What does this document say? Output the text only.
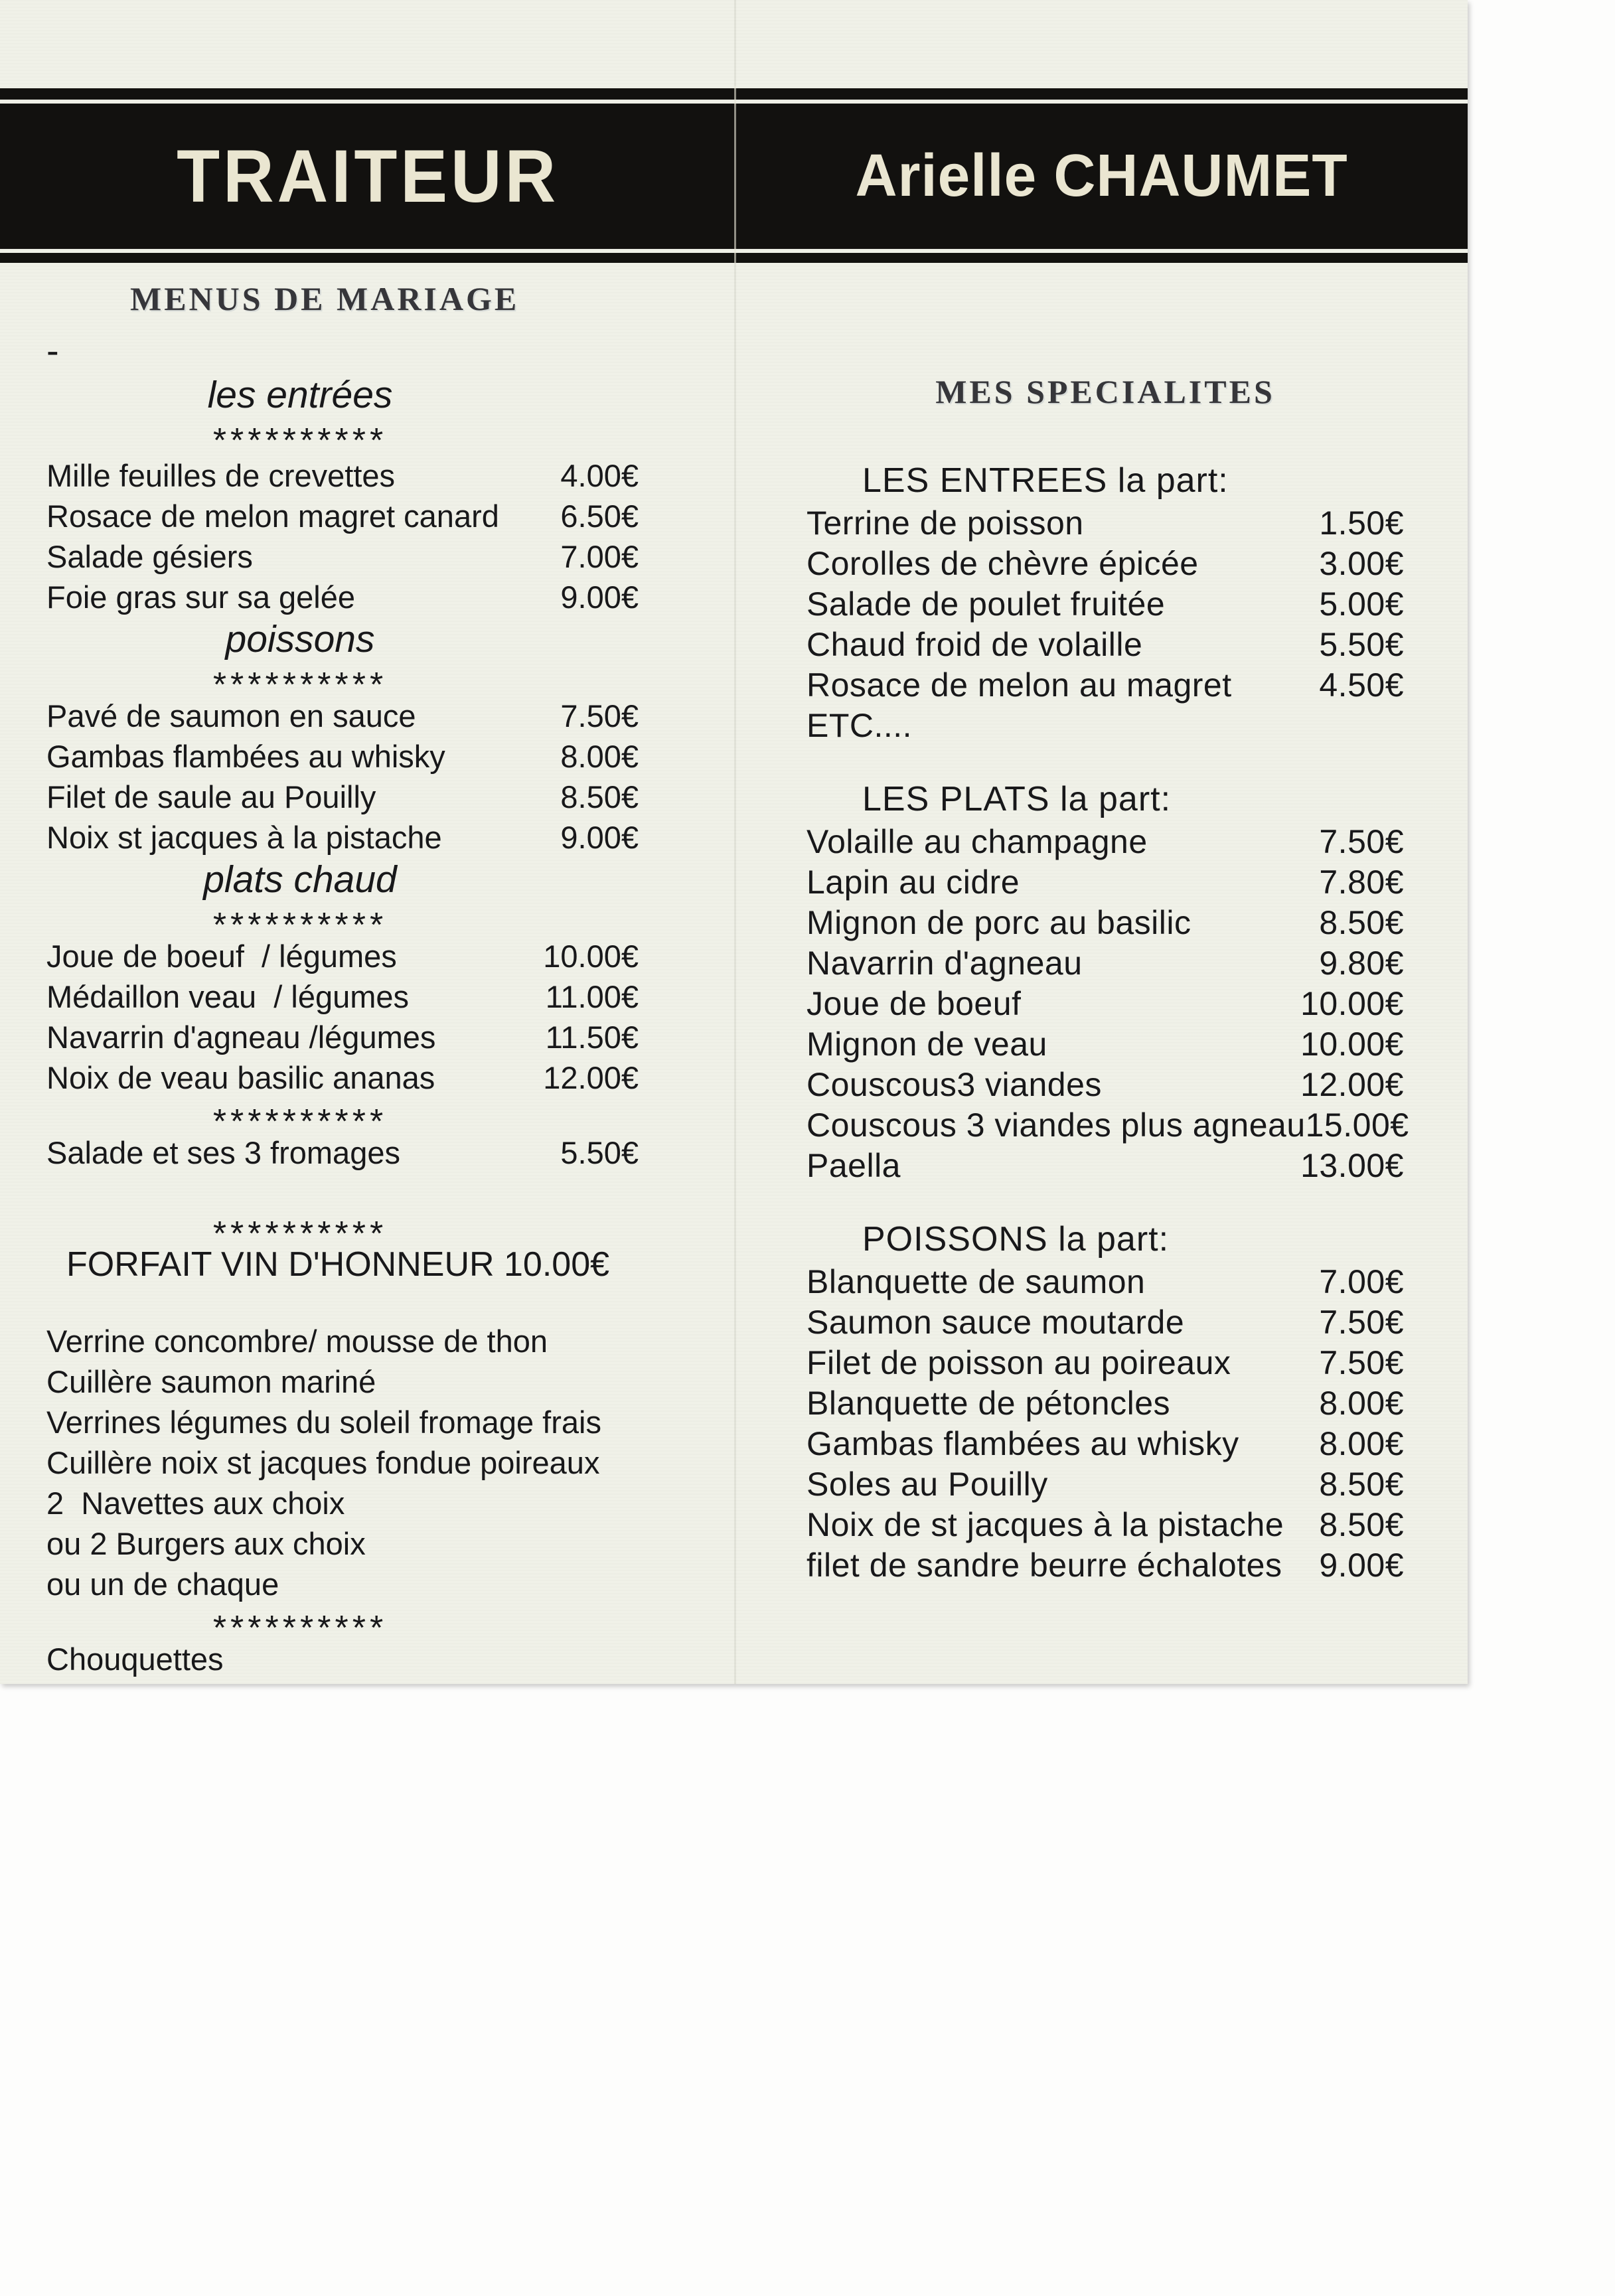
TRAITEUR	Arielle CHAUMET
MENUS DE MARIAGE
-
les entrées
**********
Mille feuilles de crevettes	4.00€
Rosace de melon magret canard 6.50€
Salade gésiers	7.00€
Foie gras sur sa gelée	9.00€
poissons
**********
Pavé de saumon en sauce	7.50€
Gambas flambées au whisky	8.00€
Filet de saule au Pouilly	8.50€
Noix st jacques à la pistache	9.00€
plats chaud
**********
Joue de boeuf  / légumes	10.00€
Médaillon veau  / légumes	11.00€
Navarrin d'agneau /légumes	11.50€
Noix de veau basilic ananas	12.00€
**********
Salade et ses 3 fromages	5.50€
**********
FORFAIT VIN D'HONNEUR 10.00€
Verrine concombre/ mousse de thon
Cuillère saumon mariné
Verrines légumes du soleil fromage frais
Cuillère noix st jacques fondue poireaux
2  Navettes aux choix
ou 2 Burgers aux choix
ou un de chaque
**********
Chouquettes
MES SPECIALITES
LES ENTREES la part:
Terrine de poisson	1.50€
Corolles de chèvre épicée	3.00€
Salade de poulet fruitée	5.00€
Chaud froid de volaille	5.50€
Rosace de melon au magret	4.50€
ETC....
LES PLATS la part:
Volaille au champagne	7.50€
Lapin au cidre	7.80€
Mignon de porc au basilic	8.50€
Navarrin d'agneau	9.80€
Joue de boeuf	10.00€
Mignon de veau	10.00€
Couscous3 viandes	12.00€
Couscous 3 viandes plus agneau 15.00€
Paella	13.00€
POISSONS la part:
Blanquette de saumon	7.00€
Saumon sauce moutarde	7.50€
Filet de poisson au poireaux	7.50€
Blanquette de pétoncles	8.00€
Gambas flambées au whisky 8.00€
Soles au Pouilly	8.50€
Noix de st jacques à la pistache 8.50€
filet de sandre beurre échalotes 9.00€
